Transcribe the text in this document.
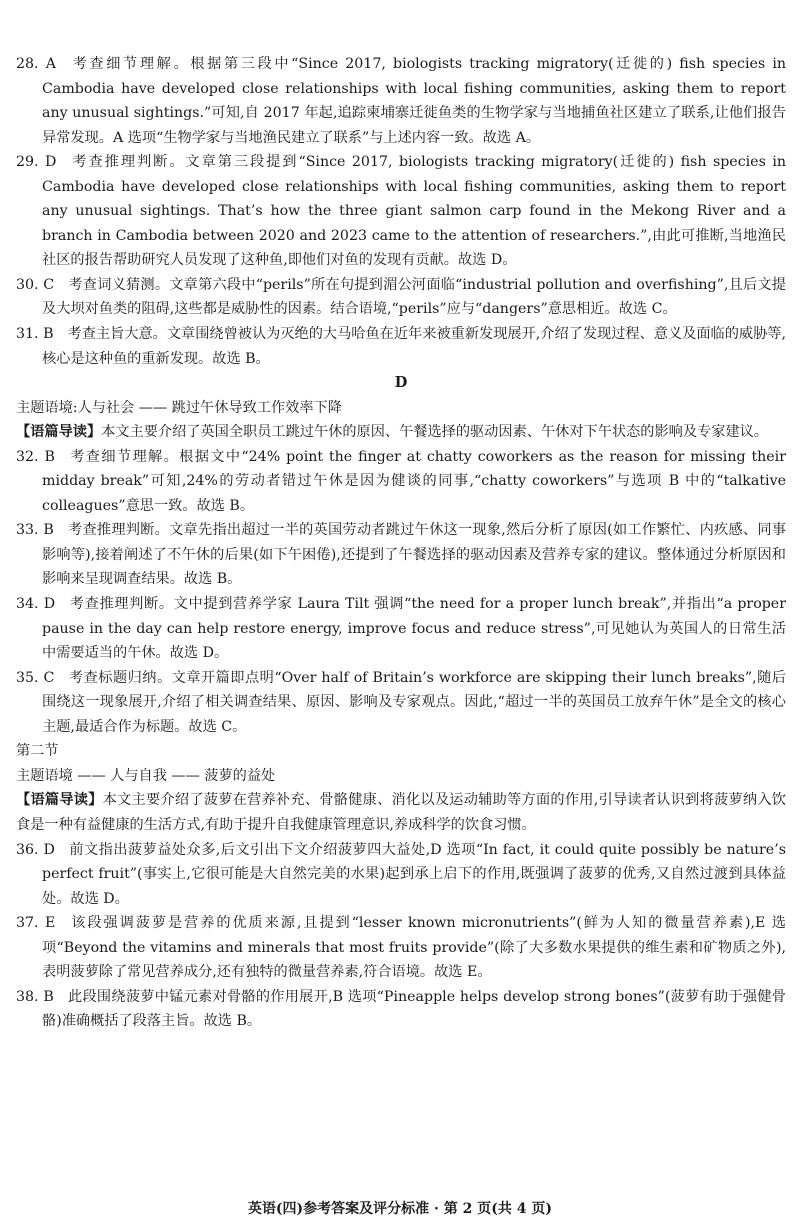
28. A 考查细节理解。根据第三段中“Since 2017, biologists tracking migratory(迁徙的) fish species in Cambodia have developed close relationships with local fishing communities, asking them to report any unusual sightings.”可知,自 2017 年起,追踪柬埔寨迁徙鱼类的生物学家与当地捕鱼社区建立了联系,让他们报告异常发现。A 选项“生物学家与当地渔民建立了联系”与上述内容一致。故选 A。

29. D 考查推理判断。文章第三段提到“Since 2017, biologists tracking migratory(迁徙的) fish species in Cambodia have developed close relationships with local fishing communities, asking them to report any unusual sightings. That’s how the three giant salmon carp found in the Mekong River and a branch in Cambodia between 2020 and 2023 came to the attention of researchers.”,由此可推断,当地渔民社区的报告帮助研究人员发现了这种鱼,即他们对鱼的发现有贡献。故选 D。

30. C 考查词义猜测。文章第六段中“perils”所在句提到湄公河面临“industrial pollution and overfishing”,且后文提及大坝对鱼类的阻碍,这些都是威胁性的因素。结合语境,“perils”应与“dangers”意思相近。故选 C。

31. B 考查主旨大意。文章围绕曾被认为灭绝的大马哈鱼在近年来被重新发现展开,介绍了发现过程、意义及面临的威胁等,核心是这种鱼的重新发现。故选 B。

D

主题语境:人与社会 —— 跳过午休导致工作效率下降

【语篇导读】本文主要介绍了英国全职员工跳过午休的原因、午餐选择的驱动因素、午休对下午状态的影响及专家建议。

32. B 考查细节理解。根据文中“24% point the finger at chatty coworkers as the reason for missing their midday break”可知,24%的劳动者错过午休是因为健谈的同事,“chatty coworkers”与选项 B 中的“talkative colleagues”意思一致。故选 B。

33. B 考查推理判断。文章先指出超过一半的英国劳动者跳过午休这一现象,然后分析了原因(如工作繁忙、内疚感、同事影响等),接着阐述了不午休的后果(如下午困倦),还提到了午餐选择的驱动因素及营养专家的建议。整体通过分析原因和影响来呈现调查结果。故选 B。

34. D 考查推理判断。文中提到营养学家 Laura Tilt 强调“the need for a proper lunch break”,并指出“a proper pause in the day can help restore energy, improve focus and reduce stress”,可见她认为英国人的日常生活中需要适当的午休。故选 D。

35. C 考查标题归纳。文章开篇即点明“Over half of Britain’s workforce are skipping their lunch breaks”,随后围绕这一现象展开,介绍了相关调查结果、原因、影响及专家观点。因此,“超过一半的英国员工放弃午休”是全文的核心主题,最适合作为标题。故选 C。

第二节

主题语境 —— 人与自我 —— 菠萝的益处

【语篇导读】本文主要介绍了菠萝在营养补充、骨骼健康、消化以及运动辅助等方面的作用,引导读者认识到将菠萝纳入饮食是一种有益健康的生活方式,有助于提升自我健康管理意识,养成科学的饮食习惯。

36. D 前文指出菠萝益处众多,后文引出下文介绍菠萝四大益处,D 选项“In fact, it could quite possibly be nature’s perfect fruit”(事实上,它很可能是大自然完美的水果)起到承上启下的作用,既强调了菠萝的优秀,又自然过渡到具体益处。故选 D。

37. E 该段强调菠萝是营养的优质来源,且提到“lesser known micronutrients”(鲜为人知的微量营养素),E 选项“Beyond the vitamins and minerals that most fruits provide”(除了大多数水果提供的维生素和矿物质之外),表明菠萝除了常见营养成分,还有独特的微量营养素,符合语境。故选 E。

38. B 此段围绕菠萝中锰元素对骨骼的作用展开,B 选项“Pineapple helps develop strong bones”(菠萝有助于强健骨骼)准确概括了段落主旨。故选 B。

英语(四)参考答案及评分标准 · 第 2 页(共 4 页)
